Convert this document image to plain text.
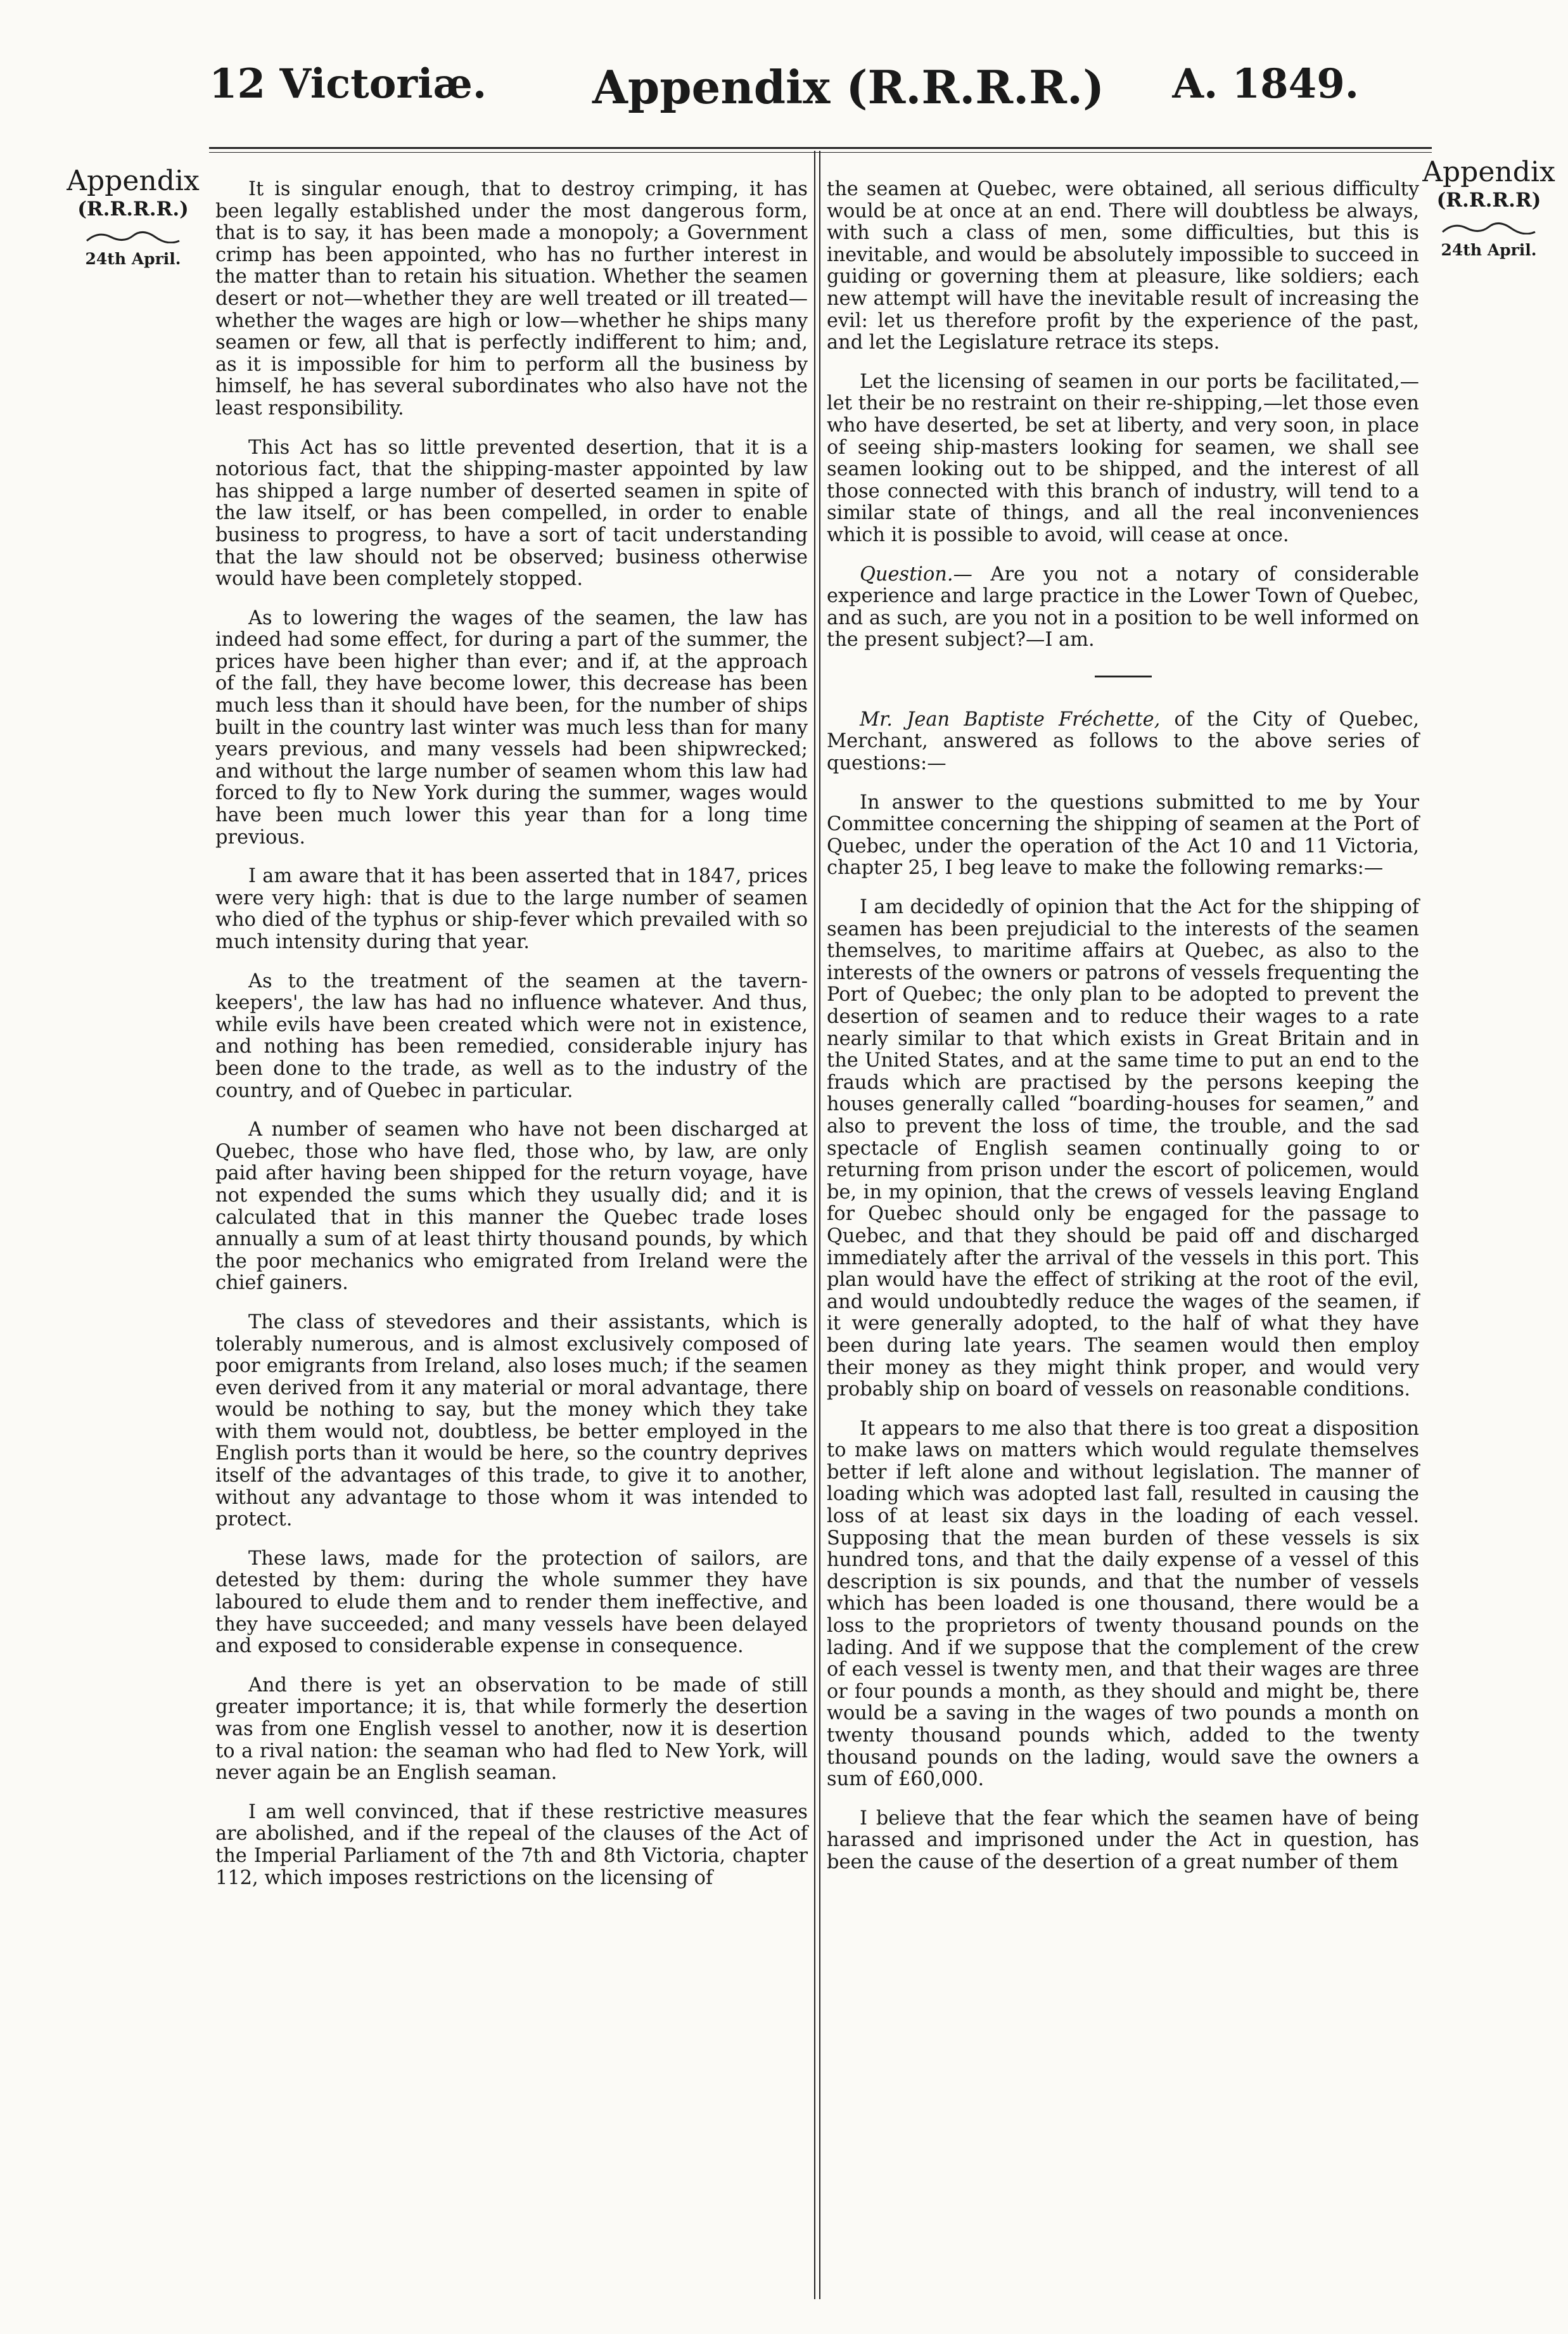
12 Victoriæ. Appendix (R.R.R.R.) A. 1849.
Appendix
(R.R.R.R.)
24th April.
Appendix
(R.R.R.R)
24th April.

It is singular enough, that to destroy crimping, it has been legally established under the most dangerous form, that is to say, it has been made a monopoly; a Government crimp has been appointed, who has no further interest in the matter than to retain his situation. Whether the seamen desert or not—whether they are well treated or ill treated—whether the wages are high or low—whether he ships many seamen or few, all that is perfectly indifferent to him; and, as it is impossible for him to perform all the business by himself, he has several subordinates who also have not the least responsibility.

This Act has so little prevented desertion, that it is a notorious fact, that the shipping-master appointed by law has shipped a large number of deserted seamen in spite of the law itself, or has been compelled, in order to enable business to progress, to have a sort of tacit understanding that the law should not be observed; business otherwise would have been completely stopped.

As to lowering the wages of the seamen, the law has indeed had some effect, for during a part of the summer, the prices have been higher than ever; and if, at the approach of the fall, they have become lower, this decrease has been much less than it should have been, for the number of ships built in the country last winter was much less than for many years previous, and many vessels had been shipwrecked; and without the large number of seamen whom this law had forced to fly to New York during the summer, wages would have been much lower this year than for a long time previous.

I am aware that it has been asserted that in 1847, prices were very high: that is due to the large number of seamen who died of the typhus or ship-fever which prevailed with so much intensity during that year.

As to the treatment of the seamen at the tavern-keepers', the law has had no influence whatever. And thus, while evils have been created which were not in existence, and nothing has been remedied, considerable injury has been done to the trade, as well as to the industry of the country, and of Quebec in particular.

A number of seamen who have not been discharged at Quebec, those who have fled, those who, by law, are only paid after having been shipped for the return voyage, have not expended the sums which they usually did; and it is calculated that in this manner the Quebec trade loses annually a sum of at least thirty thousand pounds, by which the poor mechanics who emigrated from Ireland were the chief gainers.

The class of stevedores and their assistants, which is tolerably numerous, and is almost exclusively composed of poor emigrants from Ireland, also loses much; if the seamen even derived from it any material or moral advantage, there would be nothing to say, but the money which they take with them would not, doubtless, be better employed in the English ports than it would be here, so the country deprives itself of the advantages of this trade, to give it to another, without any advantage to those whom it was intended to protect.

These laws, made for the protection of sailors, are detested by them: during the whole summer they have laboured to elude them and to render them ineffective, and they have succeeded; and many vessels have been delayed and exposed to considerable expense in consequence.

And there is yet an observation to be made of still greater importance; it is, that while formerly the desertion was from one English vessel to another, now it is desertion to a rival nation: the seaman who had fled to New York, will never again be an English seaman.

I am well convinced, that if these restrictive measures are abolished, and if the repeal of the clauses of the Act of the Imperial Parliament of the 7th and 8th Victoria, chapter 112, which imposes restrictions on the licensing of

the seamen at Quebec, were obtained, all serious difficulty would be at once at an end. There will doubtless be always, with such a class of men, some difficulties, but this is inevitable, and would be absolutely impossible to succeed in guiding or governing them at pleasure, like soldiers; each new attempt will have the inevitable result of increasing the evil: let us therefore profit by the experience of the past, and let the Legislature retrace its steps.

Let the licensing of seamen in our ports be facilitated,—let their be no restraint on their re-shipping,—let those even who have deserted, be set at liberty, and very soon, in place of seeing ship-masters looking for seamen, we shall see seamen looking out to be shipped, and the interest of all those connected with this branch of industry, will tend to a similar state of things, and all the real inconveniences which it is possible to avoid, will cease at once.

Question.— Are you not a notary of considerable experience and large practice in the Lower Town of Quebec, and as such, are you not in a position to be well informed on the present subject?—I am.

Mr. Jean Baptiste Fréchette, of the City of Quebec, Merchant, answered as follows to the above series of questions:—

In answer to the questions submitted to me by Your Committee concerning the shipping of seamen at the Port of Quebec, under the operation of the Act 10 and 11 Victoria, chapter 25, I beg leave to make the following remarks:—

I am decidedly of opinion that the Act for the shipping of seamen has been prejudicial to the interests of the seamen themselves, to maritime affairs at Quebec, as also to the interests of the owners or patrons of vessels frequenting the Port of Quebec; the only plan to be adopted to prevent the desertion of seamen and to reduce their wages to a rate nearly similar to that which exists in Great Britain and in the United States, and at the same time to put an end to the frauds which are practised by the persons keeping the houses generally called “boarding-houses for seamen,” and also to prevent the loss of time, the trouble, and the sad spectacle of English seamen continually going to or returning from prison under the escort of policemen, would be, in my opinion, that the crews of vessels leaving England for Quebec should only be engaged for the passage to Quebec, and that they should be paid off and discharged immediately after the arrival of the vessels in this port. This plan would have the effect of striking at the root of the evil, and would undoubtedly reduce the wages of the seamen, if it were generally adopted, to the half of what they have been during late years. The seamen would then employ their money as they might think proper, and would very probably ship on board of vessels on reasonable conditions.

It appears to me also that there is too great a disposition to make laws on matters which would regulate themselves better if left alone and without legislation. The manner of loading which was adopted last fall, resulted in causing the loss of at least six days in the loading of each vessel. Supposing that the mean burden of these vessels is six hundred tons, and that the daily expense of a vessel of this description is six pounds, and that the number of vessels which has been loaded is one thousand, there would be a loss to the proprietors of twenty thousand pounds on the lading. And if we suppose that the complement of the crew of each vessel is twenty men, and that their wages are three or four pounds a month, as they should and might be, there would be a saving in the wages of two pounds a month on twenty thousand pounds which, added to the twenty thousand pounds on the lading, would save the owners a sum of £60,000.

I believe that the fear which the seamen have of being harassed and imprisoned under the Act in question, has been the cause of the desertion of a great number of them
